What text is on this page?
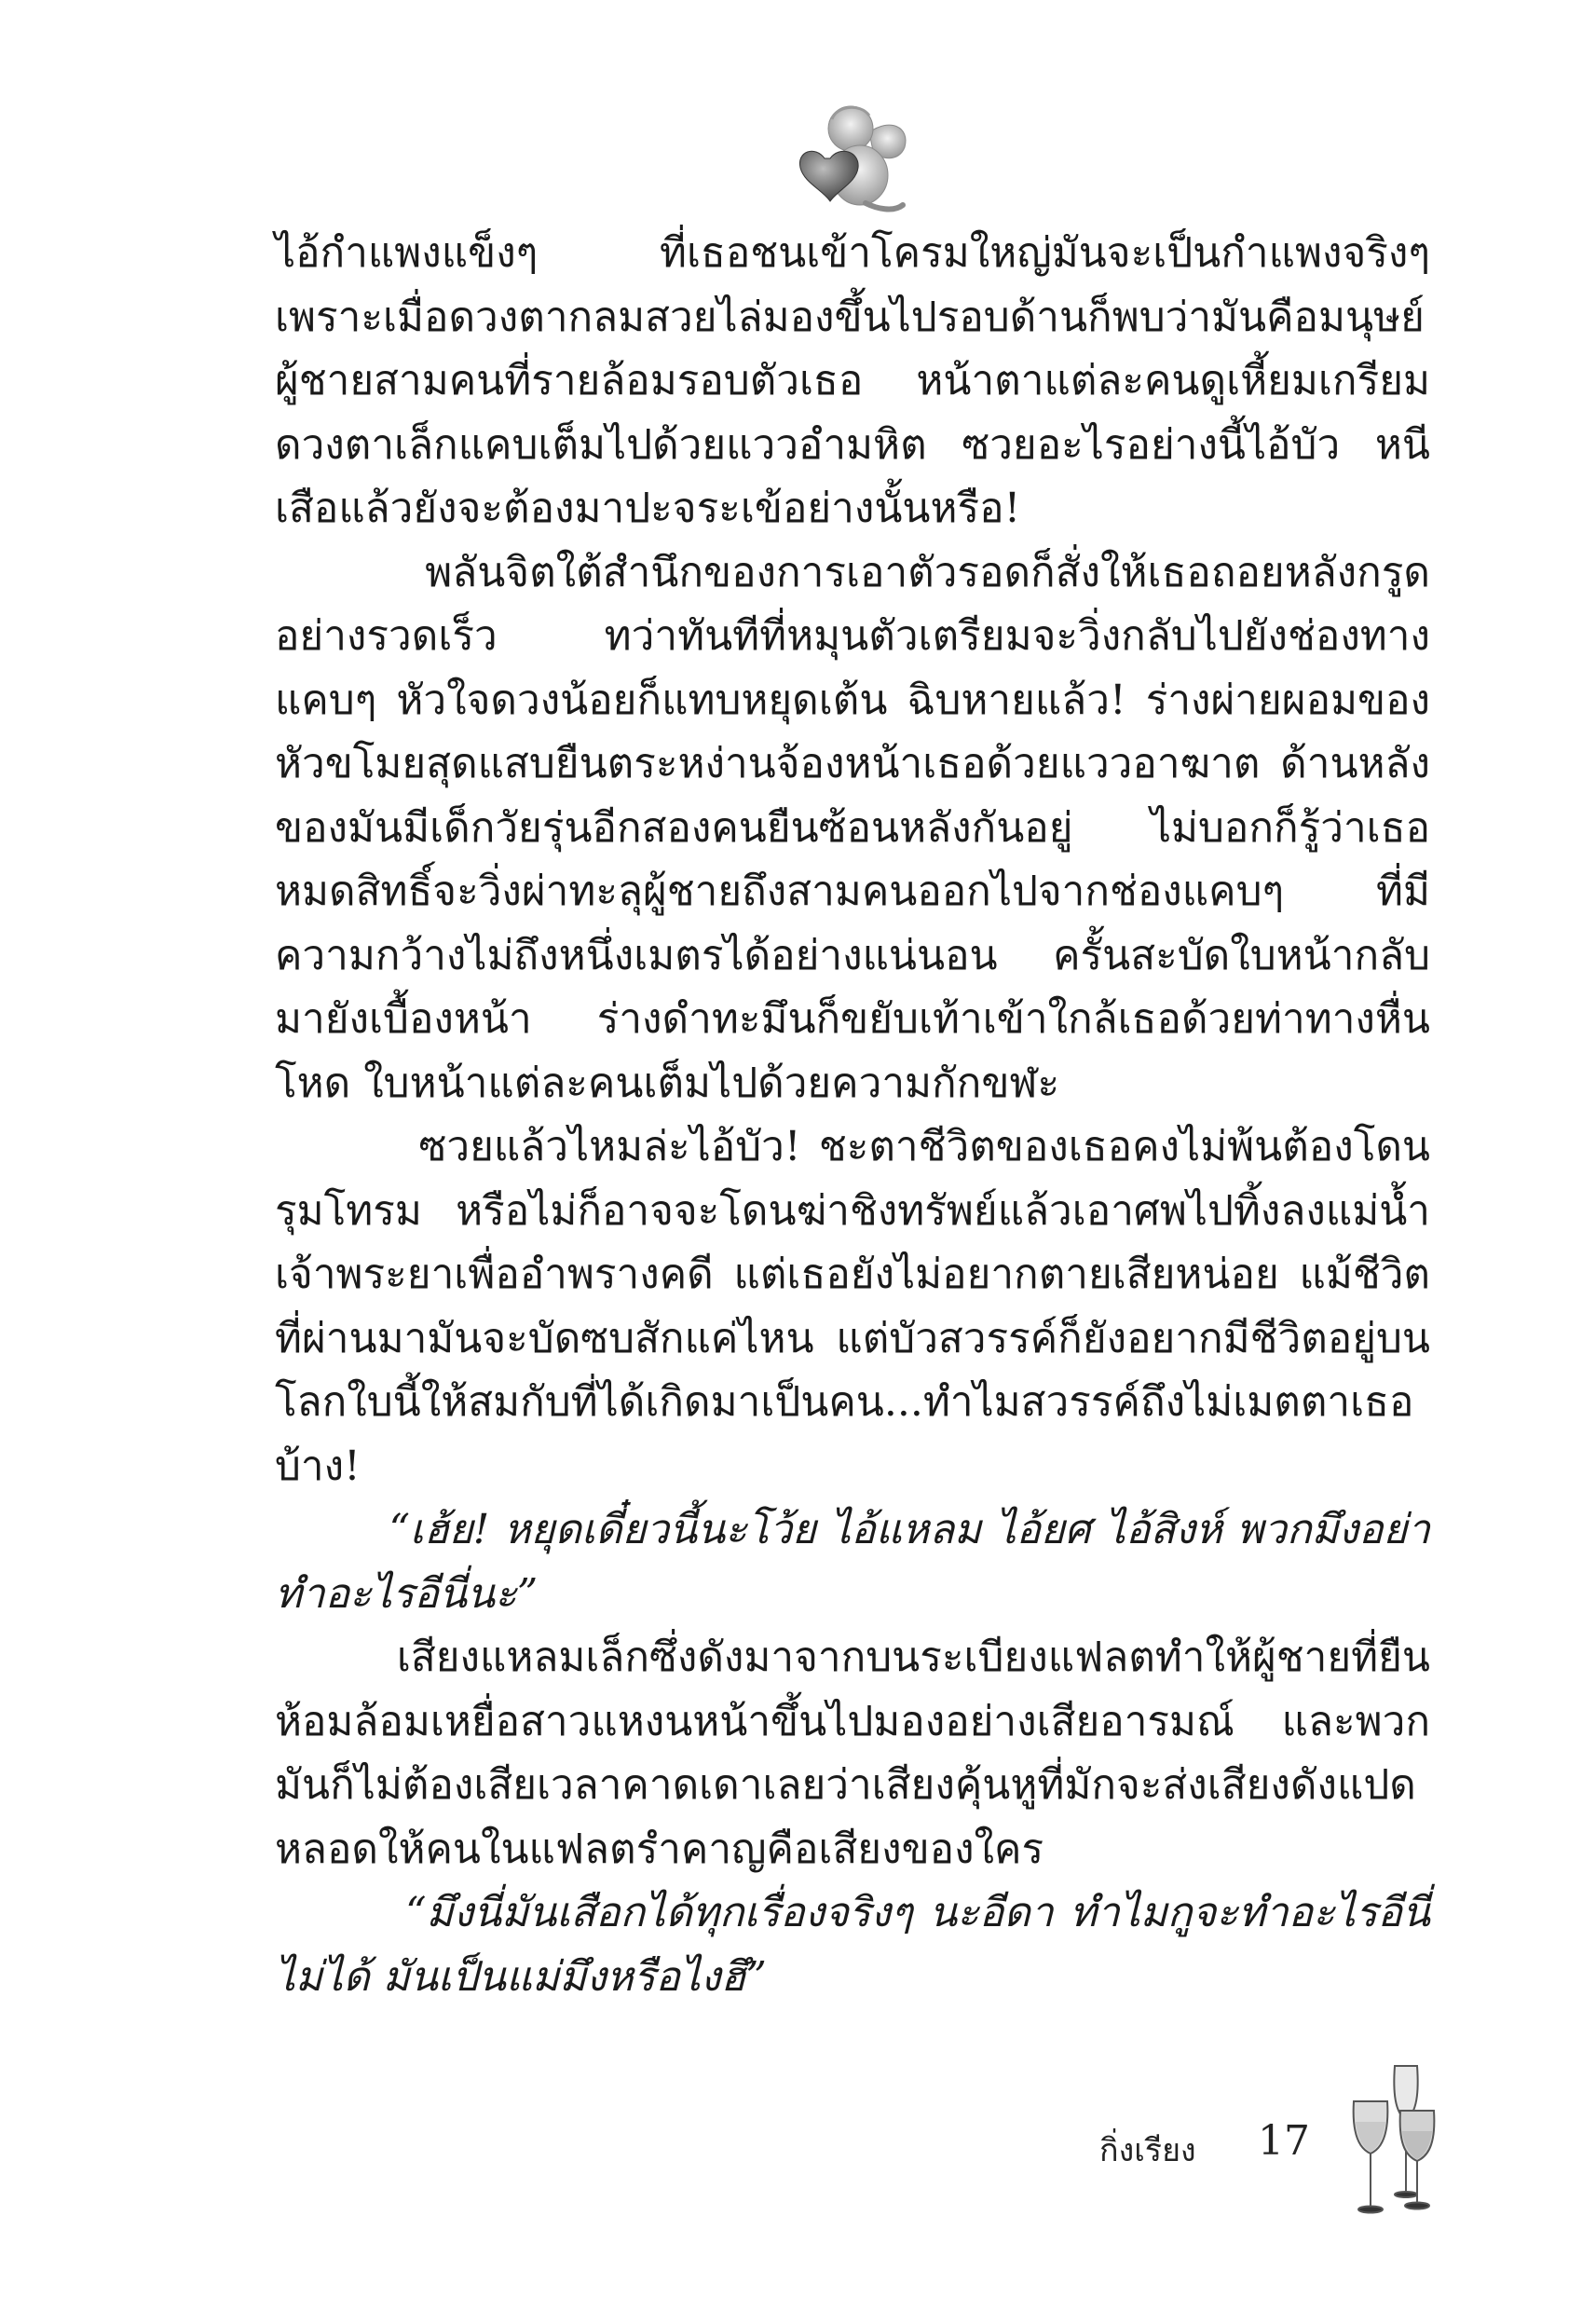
ไอ้กำแพงแข็งๆ ที่เธอชนเข้าโครมใหญ่มันจะเป็นกำแพงจริงๆ เพราะเมื่อดวงตากลมสวยไล่มองขึ้นไปรอบด้านก็พบว่ามันคือมนุษย์ผู้ชายสามคนที่รายล้อมรอบตัวเธอ หน้าตาแต่ละคนดูเหี้ยมเกรียม ดวงตาเล็กแคบเต็มไปด้วยแววอำมหิต ซวยอะไรอย่างนี้ไอ้บัว หนีเสือแล้วยังจะต้องมาปะจระเข้อย่างนั้นหรือ!

พลันจิตใต้สำนึกของการเอาตัวรอดก็สั่งให้เธอถอยหลังกรูดอย่างรวดเร็ว ทว่าทันทีที่หมุนตัวเตรียมจะวิ่งกลับไปยังช่องทางแคบๆ หัวใจดวงน้อยก็แทบหยุดเต้น ฉิบหายแล้ว! ร่างผ่ายผอมของหัวขโมยสุดแสบยืนตระหง่านจ้องหน้าเธอด้วยแววอาฆาต ด้านหลังของมันมีเด็กวัยรุ่นอีกสองคนยืนซ้อนหลังกันอยู่ ไม่บอกก็รู้ว่าเธอหมดสิทธิ์จะวิ่งผ่าทะลุผู้ชายถึงสามคนออกไปจากช่องแคบๆ ที่มีความกว้างไม่ถึงหนึ่งเมตรได้อย่างแน่นอน ครั้นสะบัดใบหน้ากลับมายังเบื้องหน้า ร่างดำทะมึนก็ขยับเท้าเข้าใกล้เธอด้วยท่าทางหื่นโหด ใบหน้าแต่ละคนเต็มไปด้วยความกักขฬะ

ซวยแล้วไหมล่ะไอ้บัว! ชะตาชีวิตของเธอคงไม่พ้นต้องโดนรุมโทรม หรือไม่ก็อาจจะโดนฆ่าชิงทรัพย์แล้วเอาศพไปทิ้งลงแม่น้ำเจ้าพระยาเพื่ออำพรางคดี แต่เธอยังไม่อยากตายเสียหน่อย แม้ชีวิตที่ผ่านมามันจะบัดซบสักแค่ไหน แต่บัวสวรรค์ก็ยังอยากมีชีวิตอยู่บนโลกใบนี้ให้สมกับที่ได้เกิดมาเป็นคน...ทำไมสวรรค์ถึงไม่เมตตาเธอบ้าง!

“เฮ้ย! หยุดเดี๋ยวนี้นะโว้ย ไอ้แหลม ไอ้ยศ ไอ้สิงห์ พวกมึงอย่าทำอะไรอีนี่นะ”

เสียงแหลมเล็กซึ่งดังมาจากบนระเบียงแฟลตทำให้ผู้ชายที่ยืนห้อมล้อมเหยื่อสาวแหงนหน้าขึ้นไปมองอย่างเสียอารมณ์ และพวกมันก็ไม่ต้องเสียเวลาคาดเดาเลยว่าเสียงคุ้นหูที่มักจะส่งเสียงดังแปดหลอดให้คนในแฟลตรำคาญคือเสียงของใคร

“มึงนี่มันเสือกได้ทุกเรื่องจริงๆ นะอีดา ทำไมกูจะทำอะไรอีนี่ไม่ได้ มันเป็นแม่มึงหรือไงฮึ”

กิ่งเรียง 17
